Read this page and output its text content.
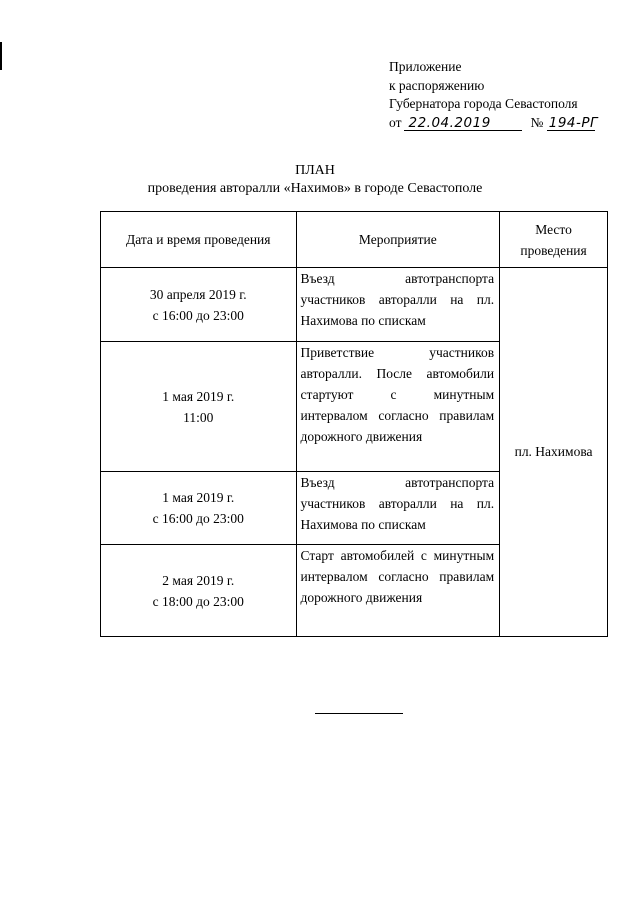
Приложение
к распоряжению
Губернатора города Севастополя
от 22.04.2019	№ 194-РГ
ПЛАН
проведения авторалли «Нахимов» в городе Севастополе
Дата и время проведения	Мероприятие	Место
проведения

30 апреля 2019 г.
с 16:00 до 23:00	Въезд автотранспорта участников авторалли на пл. Нахимова по спискам	пл. Нахимова

1 мая 2019 г.
11:00	Приветствие участников авторалли. После автомобили стартуют с минутным интервалом согласно правилам дорожного движения	

1 мая 2019 г.
с 16:00 до 23:00	Въезд автотранспорта участников авторалли на пл. Нахимова по спискам	

2 мая 2019 г.
с 18:00 до 23:00	Старт автомобилей с минутным интервалом согласно правилам дорожного движения	
